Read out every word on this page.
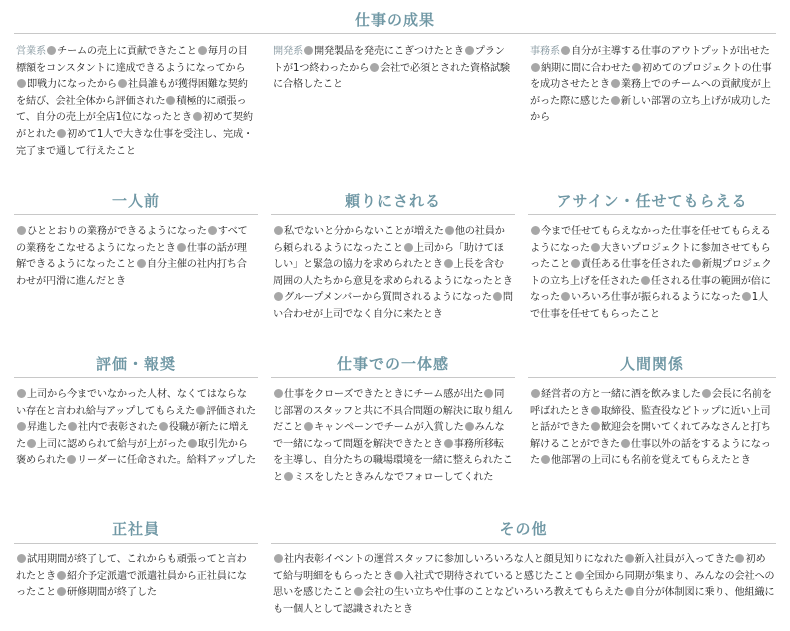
仕事の成果
営業系 チームの売上に貢献できたこと 毎月の目標額をコンスタントに達成できるようになってから即戦力になったから 社員誰もが獲得困難な契約を結び、会社全体から評価された 積極的に頑張って、自分の売上が全店1位になったとき 初めて契約がとれた 初めて1人で大きな仕事を受注し、完成・完了まで通して行えたこと
開発系 開発製品を発売にこぎつけたとき プラントが1つ終わったから 会社で必須とされた資格試験に合格したこと
事務系 自分が主導する仕事のアウトプットが出せた納期に間に合わせた 初めてのプロジェクトの仕事を成功させたとき 業務上でのチームへの貢献度が上がった際に感じた 新しい部署の立ち上げが成功したから
一人前
ひととおりの業務ができるようになった すべての業務をこなせるようになったとき 仕事の話が理解できるようになったこと 自分主催の社内打ち合わせが円滑に進んだとき
頼りにされる
私でないと分からないことが増えた 他の社員から頼られるようになったこと 上司から「助けてほしい」と緊急の協力を求められたとき 上長を含む周囲の人たちから意見を求められるようになったときグループメンバーから質問されるようになった 問い合わせが上司でなく自分に来たとき
アサイン・任せてもらえる
今まで任せてもらえなかった仕事を任せてもらえるようになった 大きいプロジェクトに参加させてもらったこと 責任ある仕事を任された 新規プロジェクトの立ち上げを任された 任される仕事の範囲が倍になった いろいろ仕事が振られるようになった 1人で仕事を任せてもらったこと
評価・報奨
上司から今までいなかった人材、なくてはならない存在と言われ給与アップしてもらえた 評価された昇進した 社内で表彰された 役職が新たに増えた 上司に認められて給与が上がった 取引先から褒められた リーダーに任命された。給料アップした
仕事での一体感
仕事をクローズできたときにチーム感が出た 同じ部署のスタッフと共に不具合問題の解決に取り組んだこと キャンペーンでチームが入賞した みんなで一緒になって問題を解決できたとき 事務所移転を主導し、自分たちの職場環境を一緒に整えられたこと ミスをしたときみんなでフォローしてくれた
人間関係
経営者の方と一緒に酒を飲みました 会長に名前を呼ばれたとき 取締役、監査役などトップに近い上司と話ができた 歓迎会を開いてくれてみなさんと打ち解けることができた 仕事以外の話をするようになった 他部署の上司にも名前を覚えてもらえたとき
正社員
試用期間が終了して、これからも頑張ってと言われたとき 紹介予定派遣で派遣社員から正社員になったこと 研修期間が終了した
その他
社内表彰イベントの運営スタッフに参加しいろいろな人と顔見知りになれた 新入社員が入ってきた 初めて給与明細をもらったとき 入社式で期待されていると感じたこと 全国から同期が集まり、みんなの会社への思いを感じたこと 会社の生い立ちや仕事のことなどいろいろ教えてもらえた 自分が体制図に乗り、他組織にも一個人として認識されたとき
